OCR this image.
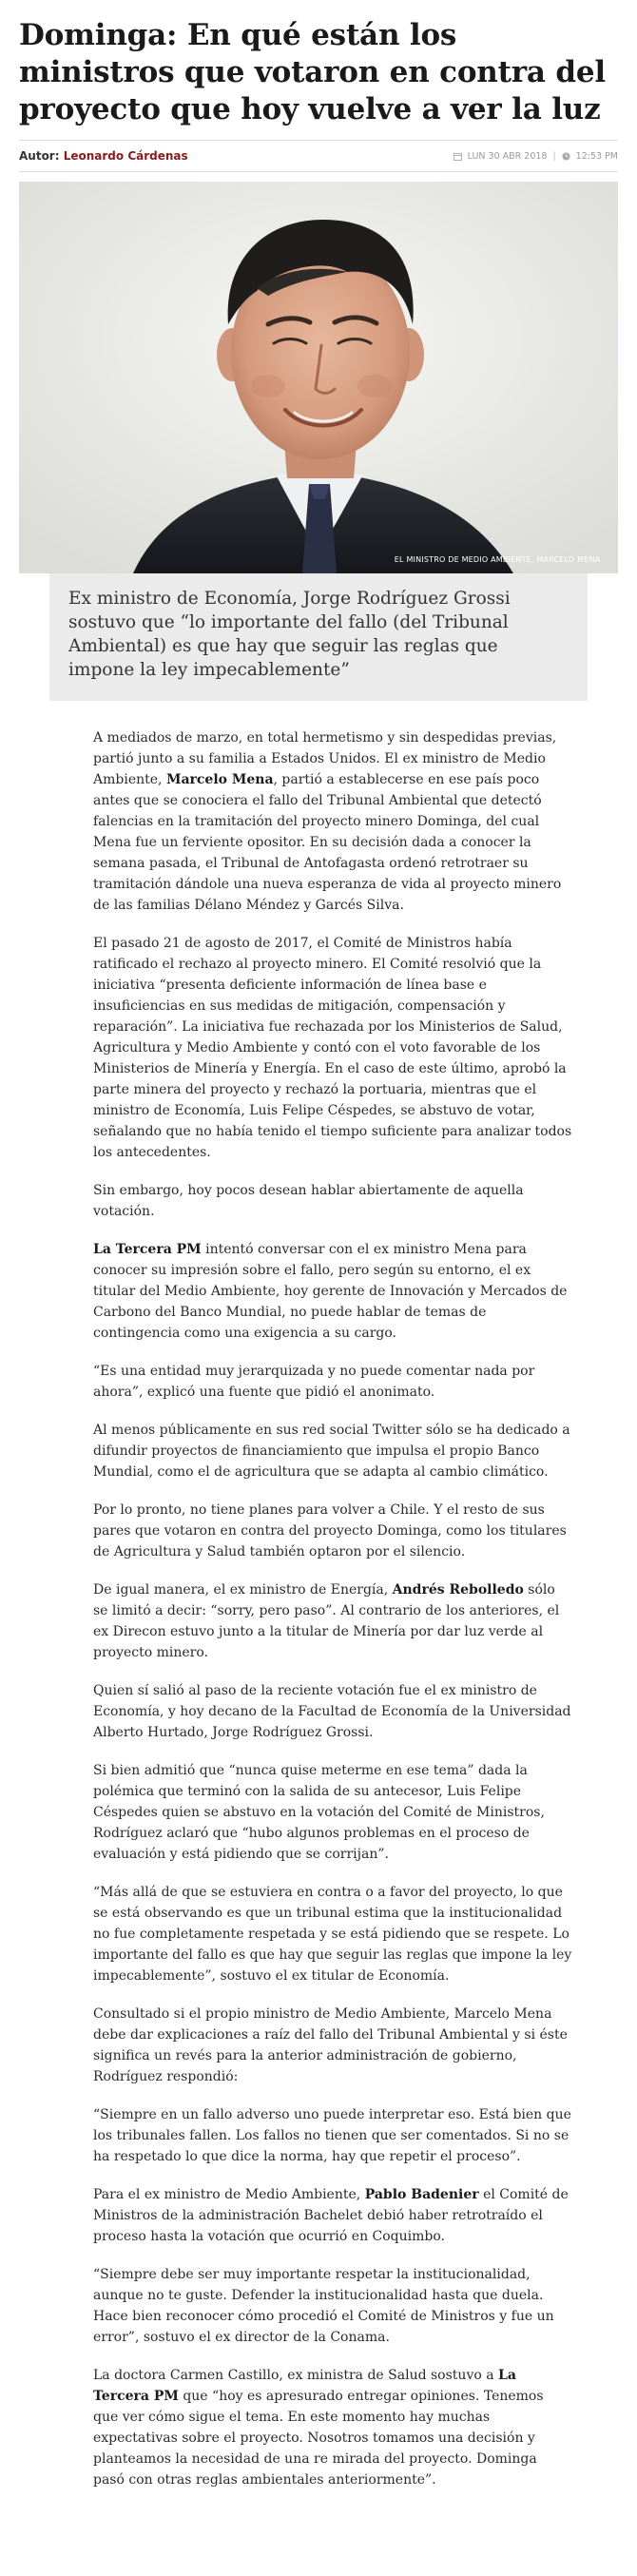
Dominga: En qué están los ministros que votaron en contra del proyecto que hoy vuelve a ver la luz
Autor: Leonardo Cárdenas	LUN 30 ABR 2018 | 12:53 PM
EL MINISTRO DE MEDIO AMBIENTE, MARCELO MENA.
Ex ministro de Economía, Jorge Rodríguez Grossi sostuvo que “lo importante del fallo (del Tribunal Ambiental) es que hay que seguir las reglas que impone la ley impecablemente”

A mediados de marzo, en total hermetismo y sin despedidas previas, partió junto a su familia a Estados Unidos. El ex ministro de Medio Ambiente, Marcelo Mena, partió a establecerse en ese país poco antes que se conociera el fallo del Tribunal Ambiental que detectó falencias en la tramitación del proyecto minero Dominga, del cual Mena fue un ferviente opositor. En su decisión dada a conocer la semana pasada, el Tribunal de Antofagasta ordenó retrotraer su tramitación dándole una nueva esperanza de vida al proyecto minero de las familias Délano Méndez y Garcés Silva.

El pasado 21 de agosto de 2017, el Comité de Ministros había ratificado el rechazo al proyecto minero. El Comité resolvió que la iniciativa “presenta deficiente información de línea base e insuficiencias en sus medidas de mitigación, compensación y reparación”. La iniciativa fue rechazada por los Ministerios de Salud, Agricultura y Medio Ambiente y contó con el voto favorable de los Ministerios de Minería y Energía. En el caso de este último, aprobó la parte minera del proyecto y rechazó la portuaria, mientras que el ministro de Economía, Luis Felipe Céspedes, se abstuvo de votar, señalando que no había tenido el tiempo suficiente para analizar todos los antecedentes.

Sin embargo, hoy pocos desean hablar abiertamente de aquella votación.

La Tercera PM intentó conversar con el ex ministro Mena para conocer su impresión sobre el fallo, pero según su entorno, el ex titular del Medio Ambiente, hoy gerente de Innovación y Mercados de Carbono del Banco Mundial, no puede hablar de temas de contingencia como una exigencia a su cargo.

“Es una entidad muy jerarquizada y no puede comentar nada por ahora”, explicó una fuente que pidió el anonimato.

Al menos públicamente en sus red social Twitter sólo se ha dedicado a difundir proyectos de financiamiento que impulsa el propio Banco Mundial, como el de agricultura que se adapta al cambio climático.

Por lo pronto, no tiene planes para volver a Chile. Y el resto de sus pares que votaron en contra del proyecto Dominga, como los titulares de Agricultura y Salud también optaron por el silencio.

De igual manera, el ex ministro de Energía, Andrés Rebolledo sólo se limitó a decir: “sorry, pero paso”. Al contrario de los anteriores, el ex Direcon estuvo junto a la titular de Minería por dar luz verde al proyecto minero.

Quien sí salió al paso de la reciente votación fue el ex ministro de Economía, y hoy decano de la Facultad de Economía de la Universidad Alberto Hurtado, Jorge Rodríguez Grossi.

Si bien admitió que “nunca quise meterme en ese tema” dada la polémica que terminó con la salida de su antecesor, Luis Felipe Céspedes quien se abstuvo en la votación del Comité de Ministros, Rodríguez aclaró que “hubo algunos problemas en el proceso de evaluación y está pidiendo que se corrijan”.

“Más allá de que se estuviera en contra o a favor del proyecto, lo que se está observando es que un tribunal estima que la institucionalidad no fue completamente respetada y se está pidiendo que se respete. Lo importante del fallo es que hay que seguir las reglas que impone la ley impecablemente”, sostuvo el ex titular de Economía.

Consultado si el propio ministro de Medio Ambiente, Marcelo Mena debe dar explicaciones a raíz del fallo del Tribunal Ambiental y si éste significa un revés para la anterior administración de gobierno, Rodríguez respondió:

“Siempre en un fallo adverso uno puede interpretar eso. Está bien que los tribunales fallen. Los fallos no tienen que ser comentados. Si no se ha respetado lo que dice la norma, hay que repetir el proceso”.

Para el ex ministro de Medio Ambiente, Pablo Badenier el Comité de Ministros de la administración Bachelet debió haber retrotraído el proceso hasta la votación que ocurrió en Coquimbo.

“Siempre debe ser muy importante respetar la institucionalidad, aunque no te guste. Defender la institucionalidad hasta que duela. Hace bien reconocer cómo procedió el Comité de Ministros y fue un error”, sostuvo el ex director de la Conama.

La doctora Carmen Castillo, ex ministra de Salud sostuvo a La Tercera PM que “hoy es apresurado entregar opiniones. Tenemos que ver cómo sigue el tema. En este momento hay muchas expectativas sobre el proyecto. Nosotros tomamos una decisión y planteamos la necesidad de una re mirada del proyecto. Dominga pasó con otras reglas ambientales anteriormente”.
